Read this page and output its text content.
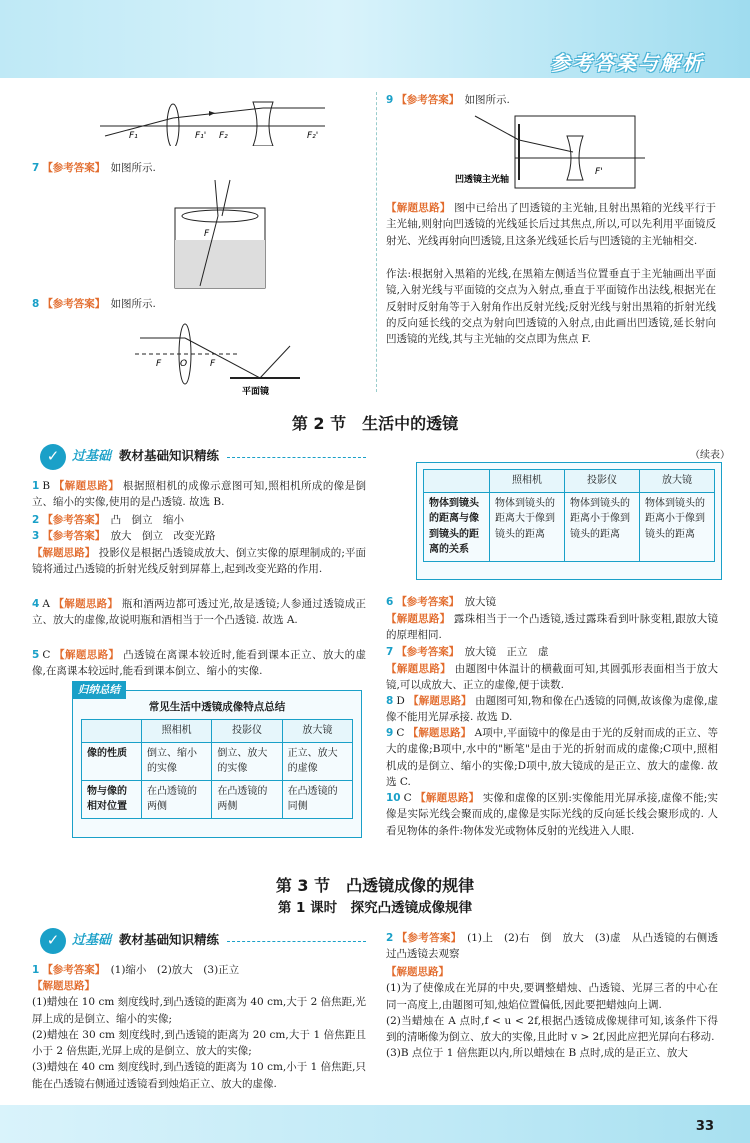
参考答案与解析
F₁	F₁' F₂	F₂'
7 【参考答案】　 如图所示.
F
8 【参考答案】　 如图所示.
F O	F
平面镜
9 【参考答案】　 如图所示.
凹透镜主光轴
F'
【解题思路】 图中已给出了凹透镜的主光轴,且射出黑箱的光线平行于主光轴,则射向凹透镜的光线延长后过其焦点,所以,可以先利用平面镜反射光、光线再射向凹透镜,且这条光线延长后与凹透镜的主光轴相交.
作法:根据射入黑箱的光线,在黑箱左侧适当位置垂直于主光轴画出平面镜,入射光线与平面镜的交点为入射点,垂直于平面镜作出法线,根据光在反射时反射角等于入射角作出反射光线;反射光线与射出黑箱的折射光线的反向延长线的交点为射向凹透镜的入射点,由此画出凹透镜,延长射向凹透镜的光线,其与主光轴的交点即为焦点 F.
第 2 节　生活中的透镜
✓ 过基础 教材基础知识精练
1 B 【解题思路】 根据照相机的成像示意图可知,照相机所成的像是倒立、缩小的实像,使用的是凸透镜. 故选 B.
2 【参考答案】　 凸　倒立　缩小
3 【参考答案】　 放大　倒立　改变光路
【解题思路】 投影仪是根据凸透镜成放大、倒立实像的原理制成的;平面镜将通过凸透镜的折射光线反射到屏幕上,起到改变光路的作用.
4 A 【解题思路】 瓶和酒两边都可透过光,故是透镜;人参通过透镜成正立、放大的虚像,故说明瓶和酒相当于一个凸透镜. 故选 A.
5 C 【解题思路】 凸透镜在离课本较近时,能看到课本正立、放大的虚像,在离课本较远时,能看到课本倒立、缩小的实像.
归纳总结
常见生活中透镜成像特点总结
	照相机	投影仪	放大镜
像的性质	倒立、缩小的实像	倒立、放大的实像	正立、放大的虚像
物与像的相对位置	在凸透镜的两侧	在凸透镜的两侧	在凸透镜的同侧
（续表）
	照相机	投影仪	放大镜
物体到镜头的距离与像到镜头的距离的关系	物体到镜头的距离大于像到镜头的距离	物体到镜头的距离小于像到镜头的距离	物体到镜头的距离小于像到镜头的距离
6 【参考答案】　 放大镜
【解题思路】 露珠相当于一个凸透镜,透过露珠看到叶脉变粗,跟放大镜的原理相同.
7 【参考答案】　 放大镜　正立　虚
【解题思路】 由题图中体温计的横截面可知,其圆弧形表面相当于放大镜,可以成放大、正立的虚像,便于读数.
8 D 【解题思路】 由题图可知,物和像在凸透镜的同侧,故该像为虚像,虚像不能用光屏承接. 故选 D.
9 C 【解题思路】 A项中,平面镜中的像是由于光的反射而成的正立、等大的虚像;B项中,水中的"断笔"是由于光的折射而成的虚像;C项中,照相机成的是倒立、缩小的实像;D项中,放大镜成的是正立、放大的虚像. 故选 C.
10 C 【解题思路】 实像和虚像的区别:实像能用光屏承接,虚像不能;实像是实际光线会聚而成的,虚像是实际光线的反向延长线会聚形成的. 人看见物体的条件:物体发光或物体反射的光线进入人眼.
第 3 节　凸透镜成像的规律
第 1 课时　探究凸透镜成像规律
✓ 过基础 教材基础知识精练
1 【参考答案】　 (1)缩小　(2)放大　(3)正立
【解题思路】
(1)蜡烛在 10 cm 刻度线时,到凸透镜的距离为 40 cm,大于 2 倍焦距,光屏上成的是倒立、缩小的实像;
(2)蜡烛在 30 cm 刻度线时,到凸透镜的距离为 20 cm,大于 1 倍焦距且小于 2 倍焦距,光屏上成的是倒立、放大的实像;
(3)蜡烛在 40 cm 刻度线时,到凸透镜的距离为 10 cm,小于 1 倍焦距,只能在凸透镜右侧通过透镜看到烛焰正立、放大的虚像.
2 【参考答案】　 (1)上　(2)右　倒　放大　(3)虚　从凸透镜的右侧透过凸透镜去观察
【解题思路】
(1)为了使像成在光屏的中央,要调整蜡烛、凸透镜、光屏三者的中心在同一高度上,由题图可知,烛焰位置偏低,因此要把蜡烛向上调.
(2)当蜡烛在 A 点时,f < u < 2f,根据凸透镜成像规律可知,该条件下得到的清晰像为倒立、放大的实像,且此时 v > 2f,因此应把光屏向右移动.
(3)B 点位于 1 倍焦距以内,所以蜡烛在 B 点时,成的是正立、放大
33
